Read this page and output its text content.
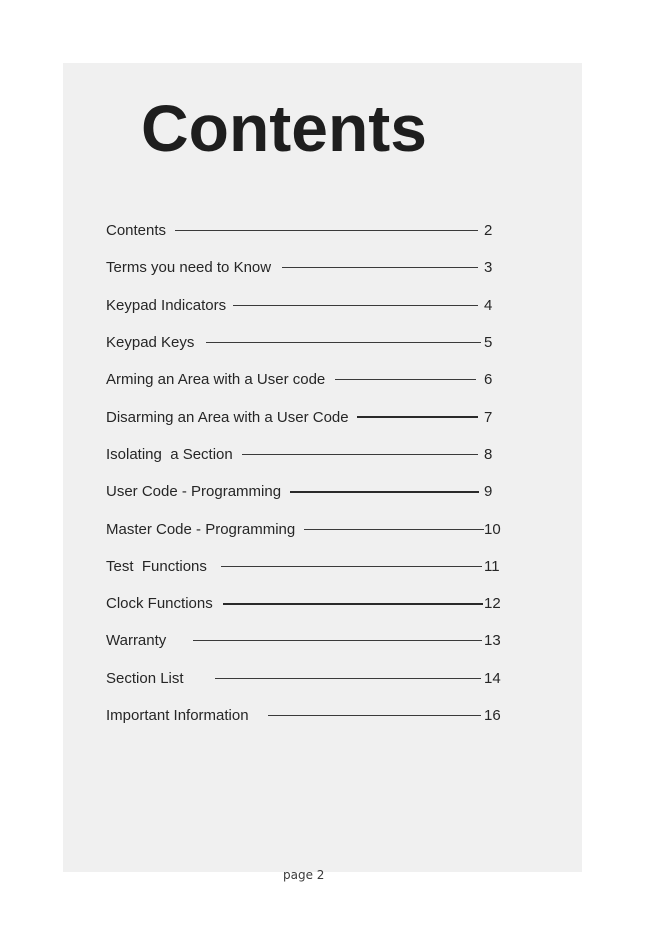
Contents
Contents	2
Terms you need to Know	3
Keypad Indicators	4
Keypad Keys	5
Arming an Area with a User code	6
Disarming an Area with a User Code	7
Isolating  a Section	8
User Code - Programming	9
Master Code - Programming	10
Test  Functions	11
Clock Functions	12
Warranty	13
Section List	14
Important Information	16
page 2
